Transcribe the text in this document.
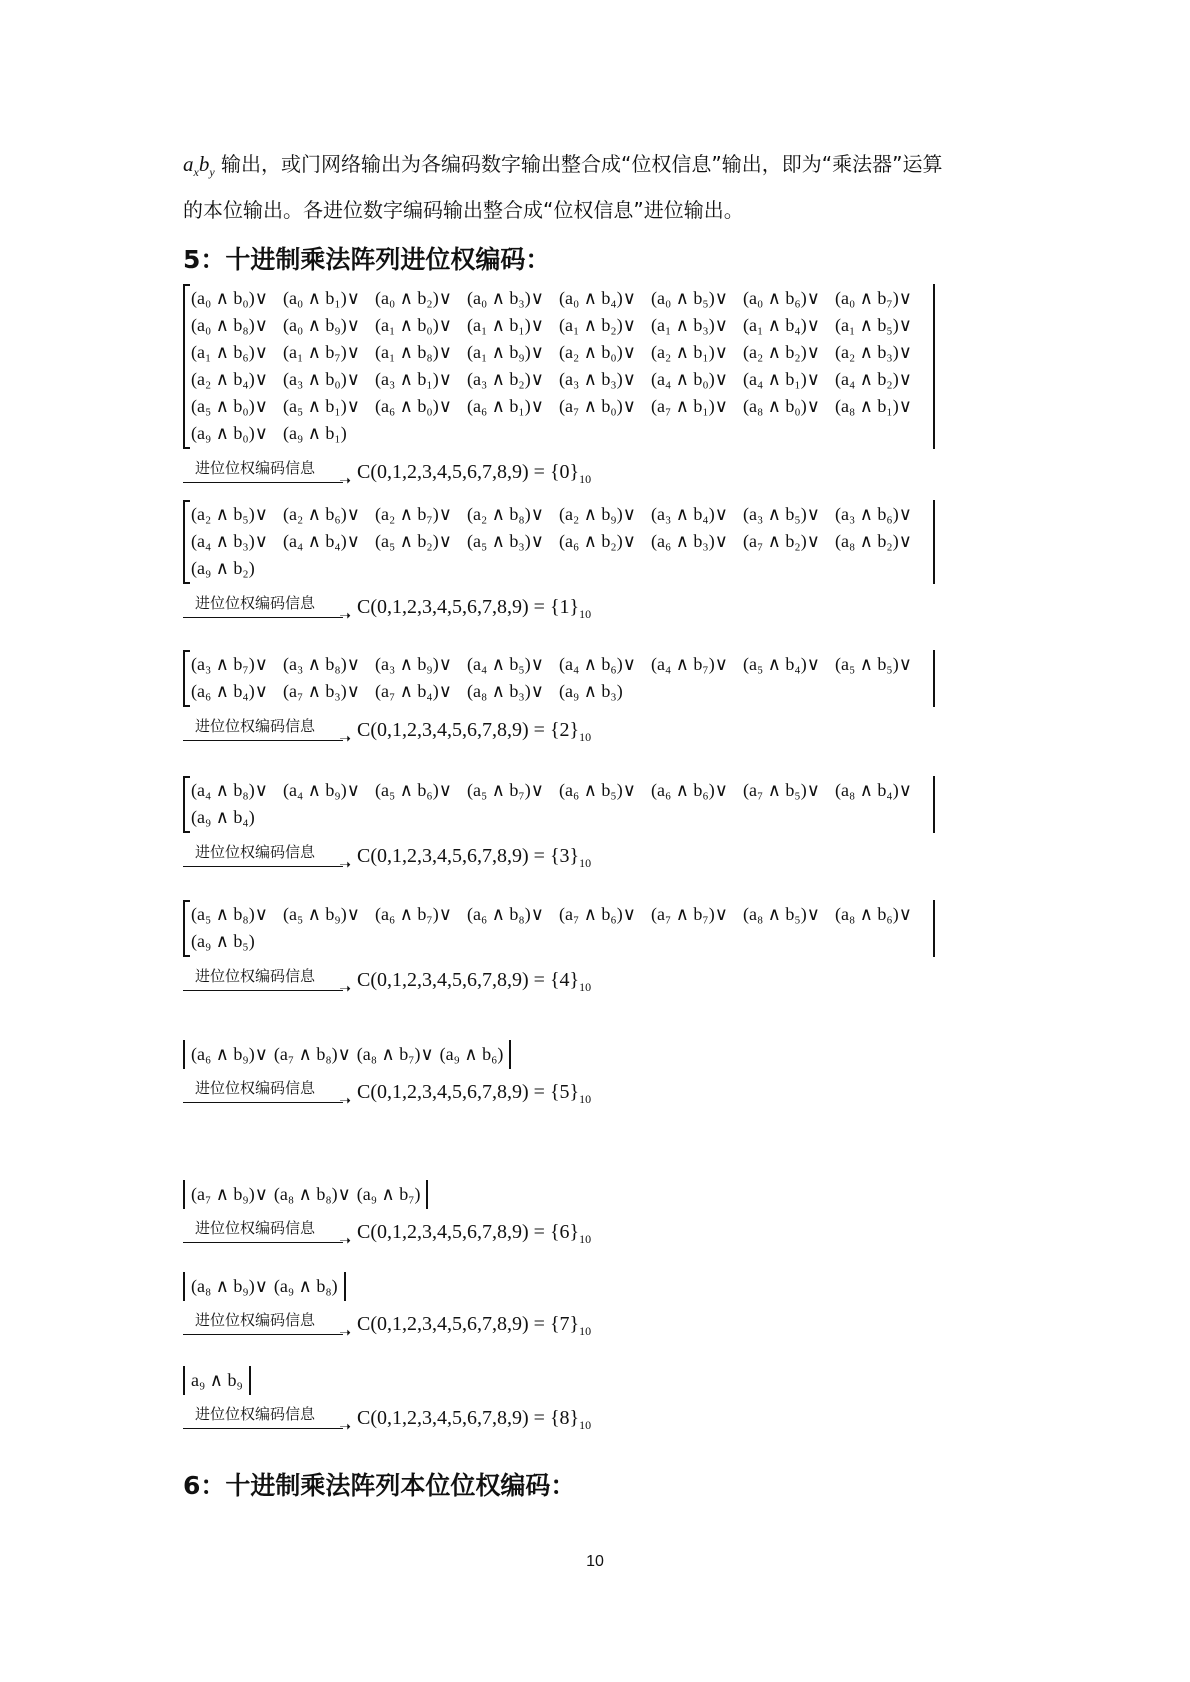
$a_xb_y$ 输出，或门网络输出为各编码数字输出整合成“位权信息”输出，即为“乘法器”运算
的本位输出。各进位数字编码输出整合成“位权信息”进位输出。
5：十进制乘法阵列进位权编码：
(a₀ ∧ b₀)∨ (a₀ ∧ b₁)∨ (a₀ ∧ b₂)∨ (a₀ ∧ b₃)∨ (a₀ ∧ b₄)∨ (a₀ ∧ b₅)∨ (a₀ ∧ b₆)∨ (a₀ ∧ b₇)∨
(a₀ ∧ b₈)∨ (a₀ ∧ b₉)∨ (a₁ ∧ b₀)∨ (a₁ ∧ b₁)∨ (a₁ ∧ b₂)∨ (a₁ ∧ b₃)∨ (a₁ ∧ b₄)∨ (a₁ ∧ b₅)∨
(a₁ ∧ b₆)∨ (a₁ ∧ b₇)∨ (a₁ ∧ b₈)∨ (a₁ ∧ b₉)∨ (a₂ ∧ b₀)∨ (a₂ ∧ b₁)∨ (a₂ ∧ b₂)∨ (a₂ ∧ b₃)∨
(a₂ ∧ b₄)∨ (a₃ ∧ b₀)∨ (a₃ ∧ b₁)∨ (a₃ ∧ b₂)∨ (a₃ ∧ b₃)∨ (a₄ ∧ b₀)∨ (a₄ ∧ b₁)∨ (a₄ ∧ b₂)∨
(a₅ ∧ b₀)∨ (a₅ ∧ b₁)∨ (a₆ ∧ b₀)∨ (a₆ ∧ b₁)∨ (a₇ ∧ b₀)∨ (a₇ ∧ b₁)∨ (a₈ ∧ b₀)∨ (a₈ ∧ b₁)∨
(a₉ ∧ b₀)∨ (a₉ ∧ b₁)
进位位权编码信息
➝ $C(0,1,2,3,4,5,6,7,8,9) = \{0\}_{10}$
(a₂ ∧ b₅)∨ (a₂ ∧ b₆)∨ (a₂ ∧ b₇)∨ (a₂ ∧ b₈)∨ (a₂ ∧ b₉)∨ (a₃ ∧ b₄)∨ (a₃ ∧ b₅)∨ (a₃ ∧ b₆)∨
(a₄ ∧ b₃)∨ (a₄ ∧ b₄)∨ (a₅ ∧ b₂)∨ (a₅ ∧ b₃)∨ (a₆ ∧ b₂)∨ (a₆ ∧ b₃)∨ (a₇ ∧ b₂)∨ (a₈ ∧ b₂)∨
(a₉ ∧ b₂)
进位位权编码信息
➝ $C(0,1,2,3,4,5,6,7,8,9) = \{1\}_{10}$
(a₃ ∧ b₇)∨ (a₃ ∧ b₈)∨ (a₃ ∧ b₉)∨ (a₄ ∧ b₅)∨ (a₄ ∧ b₆)∨ (a₄ ∧ b₇)∨ (a₅ ∧ b₄)∨ (a₅ ∧ b₅)∨
(a₆ ∧ b₄)∨ (a₇ ∧ b₃)∨ (a₇ ∧ b₄)∨ (a₈ ∧ b₃)∨ (a₉ ∧ b₃)
进位位权编码信息
➝ $C(0,1,2,3,4,5,6,7,8,9) = \{2\}_{10}$
(a₄ ∧ b₈)∨ (a₄ ∧ b₉)∨ (a₅ ∧ b₆)∨ (a₅ ∧ b₇)∨ (a₆ ∧ b₅)∨ (a₆ ∧ b₆)∨ (a₇ ∧ b₅)∨ (a₈ ∧ b₄)∨
(a₉ ∧ b₄)
进位位权编码信息
➝ $C(0,1,2,3,4,5,6,7,8,9) = \{3\}_{10}$
(a₅ ∧ b₈)∨ (a₅ ∧ b₉)∨ (a₆ ∧ b₇)∨ (a₆ ∧ b₈)∨ (a₇ ∧ b₆)∨ (a₇ ∧ b₇)∨ (a₈ ∧ b₅)∨ (a₈ ∧ b₆)∨
(a₉ ∧ b₅)
进位位权编码信息
➝ $C(0,1,2,3,4,5,6,7,8,9) = \{4\}_{10}$
(a₆ ∧ b₉)∨ (a₇ ∧ b₈)∨ (a₈ ∧ b₇)∨ (a₉ ∧ b₆)
进位位权编码信息
➝ $C(0,1,2,3,4,5,6,7,8,9) = \{5\}_{10}$
(a₇ ∧ b₉)∨ (a₈ ∧ b₈)∨ (a₉ ∧ b₇)
进位位权编码信息
➝ $C(0,1,2,3,4,5,6,7,8,9) = \{6\}_{10}$
(a₈ ∧ b₉)∨ (a₉ ∧ b₈)
进位位权编码信息
➝ $C(0,1,2,3,4,5,6,7,8,9) = \{7\}_{10}$
a₉ ∧ b₉
进位位权编码信息
➝ $C(0,1,2,3,4,5,6,7,8,9) = \{8\}_{10}$
6：十进制乘法阵列本位位权编码：
10
